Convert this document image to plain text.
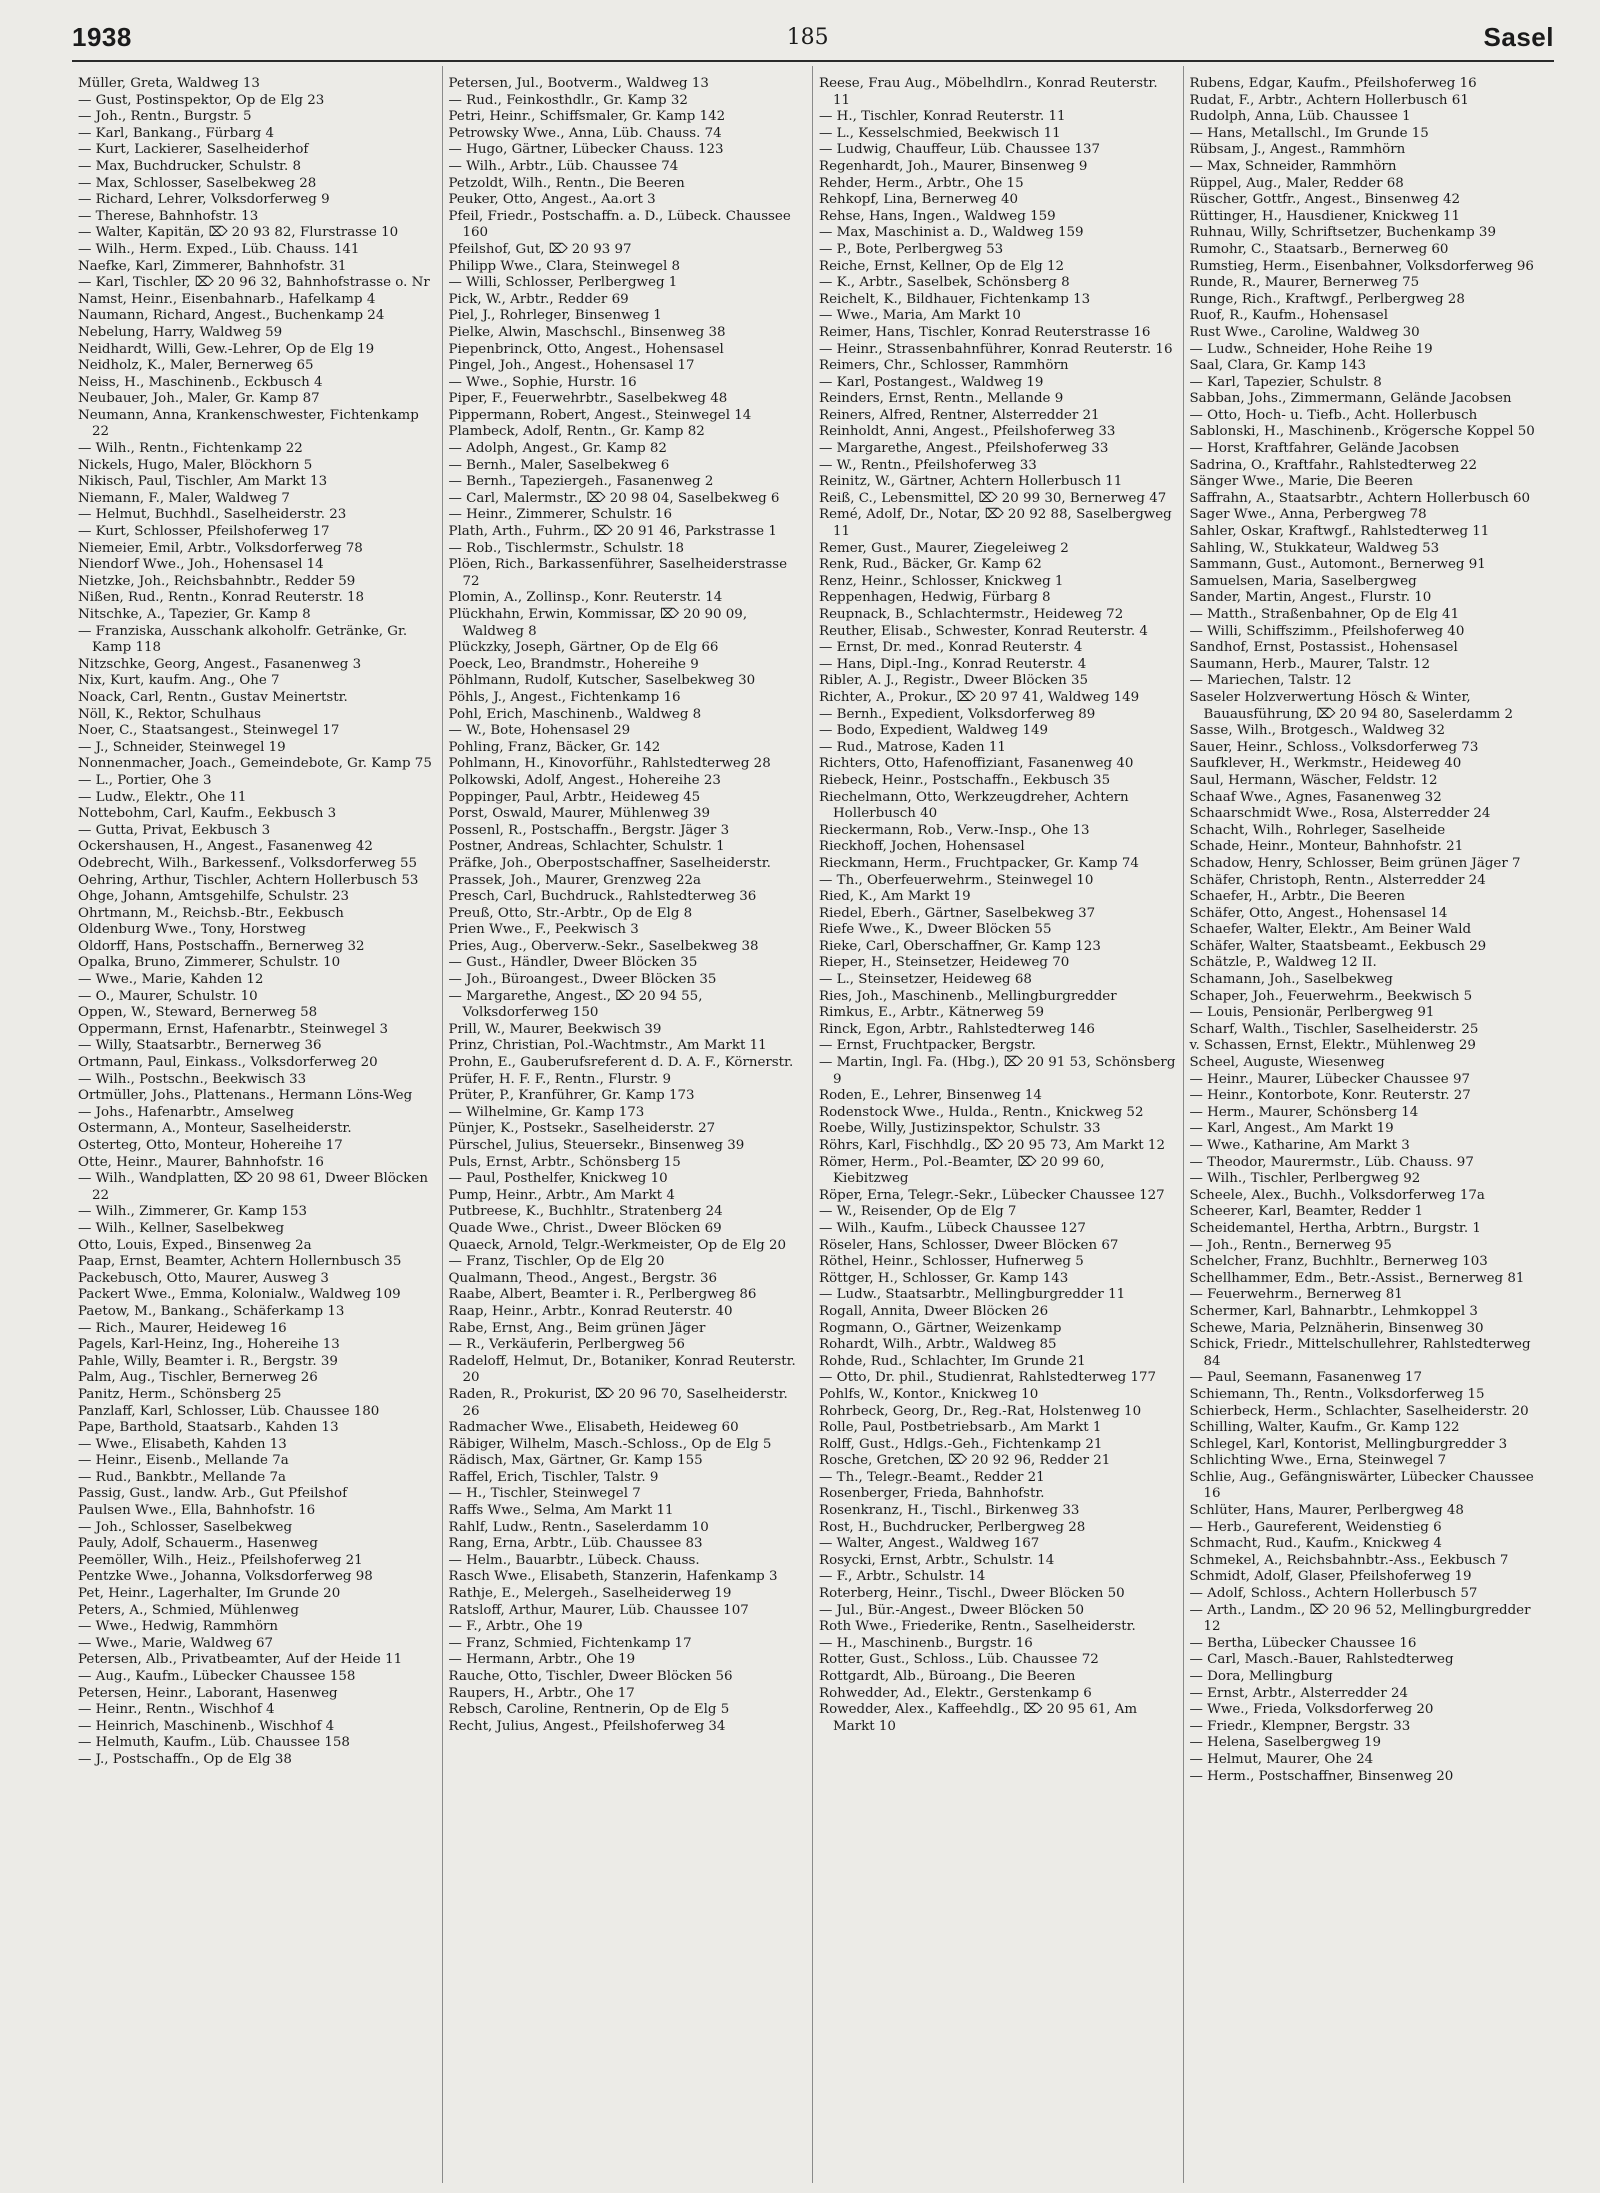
1938	185	Sasel
Müller, Greta, Waldweg 13
— Gust, Postinspektor, Op de Elg 23
— Joh., Rentn., Burgstr. 5
— Karl, Bankang., Fürbarg 4
— Kurt, Lackierer, Saselheiderhof
— Max, Buchdrucker, Schulstr. 8
— Max, Schlosser, Saselbekweg 28
— Richard, Lehrer, Volksdorferweg 9
— Therese, Bahnhofstr. 13
— Walter, Kapitän, ⌦ 20 93 82, Flurstrasse 10
— Wilh., Herm. Exped., Lüb. Chauss. 141
Naefke, Karl, Zimmerer, Bahnhofstr. 31
— Karl, Tischler, ⌦ 20 96 32, Bahnhofstrasse o. Nr
Namst, Heinr., Eisenbahnarb., Hafelkamp 4
Naumann, Richard, Angest., Buchenkamp 24
Nebelung, Harry, Waldweg 59
Neidhardt, Willi, Gew.-Lehrer, Op de Elg 19
Neidholz, K., Maler, Bernerweg 65
Neiss, H., Maschinenb., Eckbusch 4
Neubauer, Joh., Maler, Gr. Kamp 87
Neumann, Anna, Krankenschwester, Fichtenkamp 22
— Wilh., Rentn., Fichtenkamp 22
Nickels, Hugo, Maler, Blöckhorn 5
Nikisch, Paul, Tischler, Am Markt 13
Niemann, F., Maler, Waldweg 7
— Helmut, Buchhdl., Saselheiderstr. 23
— Kurt, Schlosser, Pfeilshoferweg 17
Niemeier, Emil, Arbtr., Volksdorferweg 78
Niendorf Wwe., Joh., Hohensasel 14
Nietzke, Joh., Reichsbahnbtr., Redder 59
Nißen, Rud., Rentn., Konrad Reuterstr. 18
Nitschke, A., Tapezier, Gr. Kamp 8
— Franziska, Ausschank alkoholfr. Getränke, Gr. Kamp 118
Nitzschke, Georg, Angest., Fasanenweg 3
Nix, Kurt, kaufm. Ang., Ohe 7
Noack, Carl, Rentn., Gustav Meinertstr.
Nöll, K., Rektor, Schulhaus
Noer, C., Staatsangest., Steinwegel 17
— J., Schneider, Steinwegel 19
Nonnenmacher, Joach., Gemeindebote, Gr. Kamp 75
— L., Portier, Ohe 3
— Ludw., Elektr., Ohe 11
Nottebohm, Carl, Kaufm., Eekbusch 3
— Gutta, Privat, Eekbusch 3
Ockershausen, H., Angest., Fasanenweg 42
Odebrecht, Wilh., Barkessenf., Volksdorferweg 55
Oehring, Arthur, Tischler, Achtern Hollerbusch 53
Ohge, Johann, Amtsgehilfe, Schulstr. 23
Ohrtmann, M., Reichsb.-Btr., Eekbusch
Oldenburg Wwe., Tony, Horstweg
Oldorff, Hans, Postschaffn., Bernerweg 32
Opalka, Bruno, Zimmerer, Schulstr. 10
— Wwe., Marie, Kahden 12
— O., Maurer, Schulstr. 10
Oppen, W., Steward, Bernerweg 58
Oppermann, Ernst, Hafenarbtr., Steinwegel 3
— Willy, Staatsarbtr., Bernerweg 36
Ortmann, Paul, Einkass., Volksdorferweg 20
— Wilh., Postschn., Beekwisch 33
Ortmüller, Johs., Plattenans., Hermann Löns-Weg
— Johs., Hafenarbtr., Amselweg
Ostermann, A., Monteur, Saselheiderstr.
Osterteg, Otto, Monteur, Hohereihe 17
Otte, Heinr., Maurer, Bahnhofstr. 16
— Wilh., Wandplatten, ⌦ 20 98 61, Dweer Blöcken 22
— Wilh., Zimmerer, Gr. Kamp 153
— Wilh., Kellner, Saselbekweg
Otto, Louis, Exped., Binsenweg 2a
Paap, Ernst, Beamter, Achtern Hollernbusch 35
Packebusch, Otto, Maurer, Ausweg 3
Packert Wwe., Emma, Kolonialw., Waldweg 109
Paetow, M., Bankang., Schäferkamp 13
— Rich., Maurer, Heideweg 16
Pagels, Karl-Heinz, Ing., Hohereihe 13
Pahle, Willy, Beamter i. R., Bergstr. 39
Palm, Aug., Tischler, Bernerweg 26
Panitz, Herm., Schönsberg 25
Panzlaff, Karl, Schlosser, Lüb. Chaussee 180
Pape, Barthold, Staatsarb., Kahden 13
— Wwe., Elisabeth, Kahden 13
— Heinr., Eisenb., Mellande 7a
— Rud., Bankbtr., Mellande 7a
Passig, Gust., landw. Arb., Gut Pfeilshof
Paulsen Wwe., Ella, Bahnhofstr. 16
— Joh., Schlosser, Saselbekweg
Pauly, Adolf, Schauerm., Hasenweg
Peemöller, Wilh., Heiz., Pfeilshoferweg 21
Pentzke Wwe., Johanna, Volksdorferweg 98
Pet, Heinr., Lagerhalter, Im Grunde 20
Peters, A., Schmied, Mühlenweg
— Wwe., Hedwig, Rammhörn
— Wwe., Marie, Waldweg 67
Petersen, Alb., Privatbeamter, Auf der Heide 11
— Aug., Kaufm., Lübecker Chaussee 158
Petersen, Heinr., Laborant, Hasenweg
— Heinr., Rentn., Wischhof 4
— Heinrich, Maschinenb., Wischhof 4
— Helmuth, Kaufm., Lüb. Chaussee 158
— J., Postschaffn., Op de Elg 38
Petersen, Jul., Bootverm., Waldweg 13
— Rud., Feinkosthdlr., Gr. Kamp 32
Petri, Heinr., Schiffsmaler, Gr. Kamp 142
Petrowsky Wwe., Anna, Lüb. Chauss. 74
— Hugo, Gärtner, Lübecker Chauss. 123
— Wilh., Arbtr., Lüb. Chaussee 74
Petzoldt, Wilh., Rentn., Die Beeren
Peuker, Otto, Angest., Aa.ort 3
Pfeil, Friedr., Postschaffn. a. D., Lübeck. Chaussee 160
Pfeilshof, Gut, ⌦ 20 93 97
Philipp Wwe., Clara, Steinwegel 8
— Willi, Schlosser, Perlbergweg 1
Pick, W., Arbtr., Redder 69
Piel, J., Rohrleger, Binsenweg 1
Pielke, Alwin, Maschschl., Binsenweg 38
Piepenbrinck, Otto, Angest., Hohensasel
Pingel, Joh., Angest., Hohensasel 17
— Wwe., Sophie, Hurstr. 16
Piper, F., Feuerwehrbtr., Saselbekweg 48
Pippermann, Robert, Angest., Steinwegel 14
Plambeck, Adolf, Rentn., Gr. Kamp 82
— Adolph, Angest., Gr. Kamp 82
— Bernh., Maler, Saselbekweg 6
— Bernh., Tapeziergeh., Fasanenweg 2
— Carl, Malermstr., ⌦ 20 98 04, Saselbekweg 6
— Heinr., Zimmerer, Schulstr. 16
Plath, Arth., Fuhrm., ⌦ 20 91 46, Parkstrasse 1
— Rob., Tischlermstr., Schulstr. 18
Plöen, Rich., Barkassenführer, Saselheiderstrasse 72
Plomin, A., Zollinsp., Konr. Reuterstr. 14
Plückhahn, Erwin, Kommissar, ⌦ 20 90 09, Waldweg 8
Plückzky, Joseph, Gärtner, Op de Elg 66
Poeck, Leo, Brandmstr., Hohereihe 9
Pöhlmann, Rudolf, Kutscher, Saselbekweg 30
Pöhls, J., Angest., Fichtenkamp 16
Pohl, Erich, Maschinenb., Waldweg 8
— W., Bote, Hohensasel 29
Pohling, Franz, Bäcker, Gr. 142
Pohlmann, H., Kinovorführ., Rahlstedterweg 28
Polkowski, Adolf, Angest., Hohereihe 23
Poppinger, Paul, Arbtr., Heideweg 45
Porst, Oswald, Maurer, Mühlenweg 39
Possenl, R., Postschaffn., Bergstr. Jäger 3
Postner, Andreas, Schlachter, Schulstr. 1
Präfke, Joh., Oberpostschaffner, Saselheiderstr.
Prassek, Joh., Maurer, Grenzweg 22a
Presch, Carl, Buchdruck., Rahlstedterweg 36
Preuß, Otto, Str.-Arbtr., Op de Elg 8
Prien Wwe., F., Peekwisch 3
Pries, Aug., Oberverw.-Sekr., Saselbekweg 38
— Gust., Händler, Dweer Blöcken 35
— Joh., Büroangest., Dweer Blöcken 35
— Margarethe, Angest., ⌦ 20 94 55, Volksdorferweg 150
Prill, W., Maurer, Beekwisch 39
Prinz, Christian, Pol.-Wachtmstr., Am Markt 11
Prohn, E., Gauberufsreferent d. D. A. F., Körnerstr.
Prüfer, H. F. F., Rentn., Flurstr. 9
Prüter, P., Kranführer, Gr. Kamp 173
— Wilhelmine, Gr. Kamp 173
Pünjer, K., Postsekr., Saselheiderstr. 27
Pürschel, Julius, Steuersekr., Binsenweg 39
Puls, Ernst, Arbtr., Schönsberg 15
— Paul, Posthelfer, Knickweg 10
Pump, Heinr., Arbtr., Am Markt 4
Putbreese, K., Buchhltr., Stratenberg 24
Quade Wwe., Christ., Dweer Blöcken 69
Quaeck, Arnold, Telgr.-Werkmeister, Op de Elg 20
— Franz, Tischler, Op de Elg 20
Qualmann, Theod., Angest., Bergstr. 36
Raabe, Albert, Beamter i. R., Perlbergweg 86
Raap, Heinr., Arbtr., Konrad Reuterstr. 40
Rabe, Ernst, Ang., Beim grünen Jäger
— R., Verkäuferin, Perlbergweg 56
Radeloff, Helmut, Dr., Botaniker, Konrad Reuterstr. 20
Raden, R., Prokurist, ⌦ 20 96 70, Saselheiderstr. 26
Radmacher Wwe., Elisabeth, Heideweg 60
Räbiger, Wilhelm, Masch.-Schloss., Op de Elg 5
Rädisch, Max, Gärtner, Gr. Kamp 155
Raffel, Erich, Tischler, Talstr. 9
— H., Tischler, Steinwegel 7
Raffs Wwe., Selma, Am Markt 11
Rahlf, Ludw., Rentn., Saselerdamm 10
Rang, Erna, Arbtr., Lüb. Chaussee 83
— Helm., Bauarbtr., Lübeck. Chauss.
Rasch Wwe., Elisabeth, Stanzerin, Hafenkamp 3
Rathje, E., Melergeh., Saselheiderweg 19
Ratsloff, Arthur, Maurer, Lüb. Chaussee 107
— F., Arbtr., Ohe 19
— Franz, Schmied, Fichtenkamp 17
— Hermann, Arbtr., Ohe 19
Rauche, Otto, Tischler, Dweer Blöcken 56
Raupers, H., Arbtr., Ohe 17
Rebsch, Caroline, Rentnerin, Op de Elg 5
Recht, Julius, Angest., Pfeilshoferweg 34
Reese, Frau Aug., Möbelhdlrn., Konrad Reuterstr. 11
— H., Tischler, Konrad Reuterstr. 11
— L., Kesselschmied, Beekwisch 11
— Ludwig, Chauffeur, Lüb. Chaussee 137
Regenhardt, Joh., Maurer, Binsenweg 9
Rehder, Herm., Arbtr., Ohe 15
Rehkopf, Lina, Bernerweg 40
Rehse, Hans, Ingen., Waldweg 159
— Max, Maschinist a. D., Waldweg 159
— P., Bote, Perlbergweg 53
Reiche, Ernst, Kellner, Op de Elg 12
— K., Arbtr., Saselbek, Schönsberg 8
Reichelt, K., Bildhauer, Fichtenkamp 13
— Wwe., Maria, Am Markt 10
Reimer, Hans, Tischler, Konrad Reuterstrasse 16
— Heinr., Strassenbahnführer, Konrad Reuterstr. 16
Reimers, Chr., Schlosser, Rammhörn
— Karl, Postangest., Waldweg 19
Reinders, Ernst, Rentn., Mellande 9
Reiners, Alfred, Rentner, Alsterredder 21
Reinholdt, Anni, Angest., Pfeilshoferweg 33
— Margarethe, Angest., Pfeilshoferweg 33
— W., Rentn., Pfeilshoferweg 33
Reinitz, W., Gärtner, Achtern Hollerbusch 11
Reiß, C., Lebensmittel, ⌦ 20 99 30, Bernerweg 47
Remé, Adolf, Dr., Notar, ⌦ 20 92 88, Saselbergweg 11
Remer, Gust., Maurer, Ziegeleiweg 2
Renk, Rud., Bäcker, Gr. Kamp 62
Renz, Heinr., Schlosser, Knickweg 1
Reppenhagen, Hedwig, Fürbarg 8
Reupnack, B., Schlachtermstr., Heideweg 72
Reuther, Elisab., Schwester, Konrad Reuterstr. 4
— Ernst, Dr. med., Konrad Reuterstr. 4
— Hans, Dipl.-Ing., Konrad Reuterstr. 4
Ribler, A. J., Registr., Dweer Blöcken 35
Richter, A., Prokur., ⌦ 20 97 41, Waldweg 149
— Bernh., Expedient, Volksdorferweg 89
— Bodo, Expedient, Waldweg 149
— Rud., Matrose, Kaden 11
Richters, Otto, Hafenoffiziant, Fasanenweg 40
Riebeck, Heinr., Postschaffn., Eekbusch 35
Riechelmann, Otto, Werkzeugdreher, Achtern Hollerbusch 40
Rieckermann, Rob., Verw.-Insp., Ohe 13
Rieckhoff, Jochen, Hohensasel
Rieckmann, Herm., Fruchtpacker, Gr. Kamp 74
— Th., Oberfeuerwehrm., Steinwegel 10
Ried, K., Am Markt 19
Riedel, Eberh., Gärtner, Saselbekweg 37
Riefe Wwe., K., Dweer Blöcken 55
Rieke, Carl, Oberschaffner, Gr. Kamp 123
Rieper, H., Steinsetzer, Heideweg 70
— L., Steinsetzer, Heideweg 68
Ries, Joh., Maschinenb., Mellingburgredder
Rimkus, E., Arbtr., Kätnerweg 59
Rinck, Egon, Arbtr., Rahlstedterweg 146
— Ernst, Fruchtpacker, Bergstr.
— Martin, Ingl. Fa. (Hbg.), ⌦ 20 91 53, Schönsberg 9
Roden, E., Lehrer, Binsenweg 14
Rodenstock Wwe., Hulda., Rentn., Knickweg 52
Roebe, Willy, Justizinspektor, Schulstr. 33
Röhrs, Karl, Fischhdlg., ⌦ 20 95 73, Am Markt 12
Römer, Herm., Pol.-Beamter, ⌦ 20 99 60, Kiebitzweg
Röper, Erna, Telegr.-Sekr., Lübecker Chaussee 127
— W., Reisender, Op de Elg 7
— Wilh., Kaufm., Lübeck Chaussee 127
Röseler, Hans, Schlosser, Dweer Blöcken 67
Röthel, Heinr., Schlosser, Hufnerweg 5
Röttger, H., Schlosser, Gr. Kamp 143
— Ludw., Staatsarbtr., Mellingburgredder 11
Rogall, Annita, Dweer Blöcken 26
Rogmann, O., Gärtner, Weizenkamp
Rohardt, Wilh., Arbtr., Waldweg 85
Rohde, Rud., Schlachter, Im Grunde 21
— Otto, Dr. phil., Studienrat, Rahlstedterweg 177
Pohlfs, W., Kontor., Knickweg 10
Rohrbeck, Georg, Dr., Reg.-Rat, Holstenweg 10
Rolle, Paul, Postbetriebsarb., Am Markt 1
Rolff, Gust., Hdlgs.-Geh., Fichtenkamp 21
Rosche, Gretchen, ⌦ 20 92 96, Redder 21
— Th., Telegr.-Beamt., Redder 21
Rosenberger, Frieda, Bahnhofstr.
Rosenkranz, H., Tischl., Birkenweg 33
Rost, H., Buchdrucker, Perlbergweg 28
— Walter, Angest., Waldweg 167
Rosycki, Ernst, Arbtr., Schulstr. 14
— F., Arbtr., Schulstr. 14
Roterberg, Heinr., Tischl., Dweer Blöcken 50
— Jul., Bür.-Angest., Dweer Blöcken 50
Roth Wwe., Friederike, Rentn., Saselheiderstr.
— H., Maschinenb., Burgstr. 16
Rotter, Gust., Schloss., Lüb. Chaussee 72
Rottgardt, Alb., Büroang., Die Beeren
Rohwedder, Ad., Elektr., Gerstenkamp 6
Rowedder, Alex., Kaffeehdlg., ⌦ 20 95 61, Am Markt 10
Rubens, Edgar, Kaufm., Pfeilshoferweg 16
Rudat, F., Arbtr., Achtern Hollerbusch 61
Rudolph, Anna, Lüb. Chaussee 1
— Hans, Metallschl., Im Grunde 15
Rübsam, J., Angest., Rammhörn
— Max, Schneider, Rammhörn
Rüppel, Aug., Maler, Redder 68
Rüscher, Gottfr., Angest., Binsenweg 42
Rüttinger, H., Hausdiener, Knickweg 11
Ruhnau, Willy, Schriftsetzer, Buchenkamp 39
Rumohr, C., Staatsarb., Bernerweg 60
Rumstieg, Herm., Eisenbahner, Volksdorferweg 96
Runde, R., Maurer, Bernerweg 75
Runge, Rich., Kraftwgf., Perlbergweg 28
Ruof, R., Kaufm., Hohensasel
Rust Wwe., Caroline, Waldweg 30
— Ludw., Schneider, Hohe Reihe 19
Saal, Clara, Gr. Kamp 143
— Karl, Tapezier, Schulstr. 8
Sabban, Johs., Zimmermann, Gelände Jacobsen
— Otto, Hoch- u. Tiefb., Acht. Hollerbusch
Sablonski, H., Maschinenb., Krögersche Koppel 50
— Horst, Kraftfahrer, Gelände Jacobsen
Sadrina, O., Kraftfahr., Rahlstedterweg 22
Sänger Wwe., Marie, Die Beeren
Saffrahn, A., Staatsarbtr., Achtern Hollerbusch 60
Sager Wwe., Anna, Perbergweg 78
Sahler, Oskar, Kraftwgf., Rahlstedterweg 11
Sahling, W., Stukkateur, Waldweg 53
Sammann, Gust., Automont., Bernerweg 91
Samuelsen, Maria, Saselbergweg
Sander, Martin, Angest., Flurstr. 10
— Matth., Straßenbahner, Op de Elg 41
— Willi, Schiffszimm., Pfeilshoferweg 40
Sandhof, Ernst, Postassist., Hohensasel
Saumann, Herb., Maurer, Talstr. 12
— Mariechen, Talstr. 12
Saseler Holzverwertung Hösch & Winter, Bauausführung, ⌦ 20 94 80, Saselerdamm 2
Sasse, Wilh., Brotgesch., Waldweg 32
Sauer, Heinr., Schloss., Volksdorferweg 73
Saufklever, H., Werkmstr., Heideweg 40
Saul, Hermann, Wäscher, Feldstr. 12
Schaaf Wwe., Agnes, Fasanenweg 32
Schaarschmidt Wwe., Rosa, Alsterredder 24
Schacht, Wilh., Rohrleger, Saselheide
Schade, Heinr., Monteur, Bahnhofstr. 21
Schadow, Henry, Schlosser, Beim grünen Jäger 7
Schäfer, Christoph, Rentn., Alsterredder 24
Schaefer, H., Arbtr., Die Beeren
Schäfer, Otto, Angest., Hohensasel 14
Schaefer, Walter, Elektr., Am Beiner Wald
Schäfer, Walter, Staatsbeamt., Eekbusch 29
Schätzle, P., Waldweg 12 II.
Schamann, Joh., Saselbekweg
Schaper, Joh., Feuerwehrm., Beekwisch 5
— Louis, Pensionär, Perlbergweg 91
Scharf, Walth., Tischler, Saselheiderstr. 25
v. Schassen, Ernst, Elektr., Mühlenweg 29
Scheel, Auguste, Wiesenweg
— Heinr., Maurer, Lübecker Chaussee 97
— Heinr., Kontorbote, Konr. Reuterstr. 27
— Herm., Maurer, Schönsberg 14
— Karl, Angest., Am Markt 19
— Wwe., Katharine, Am Markt 3
— Theodor, Maurermstr., Lüb. Chauss. 97
— Wilh., Tischler, Perlbergweg 92
Scheele, Alex., Buchh., Volksdorferweg 17a
Scheerer, Karl, Beamter, Redder 1
Scheidemantel, Hertha, Arbtrn., Burgstr. 1
— Joh., Rentn., Bernerweg 95
Schelcher, Franz, Buchhltr., Bernerweg 103
Schellhammer, Edm., Betr.-Assist., Bernerweg 81
— Feuerwehrm., Bernerweg 81
Schermer, Karl, Bahnarbtr., Lehmkoppel 3
Schewe, Maria, Pelznäherin, Binsenweg 30
Schick, Friedr., Mittelschullehrer, Rahlstedterweg 84
— Paul, Seemann, Fasanenweg 17
Schiemann, Th., Rentn., Volksdorferweg 15
Schierbeck, Herm., Schlachter, Saselheiderstr. 20
Schilling, Walter, Kaufm., Gr. Kamp 122
Schlegel, Karl, Kontorist, Mellingburgredder 3
Schlichting Wwe., Erna, Steinwegel 7
Schlie, Aug., Gefängniswärter, Lübecker Chaussee 16
Schlüter, Hans, Maurer, Perlbergweg 48
— Herb., Gaureferent, Weidenstieg 6
Schmacht, Rud., Kaufm., Knickweg 4
Schmekel, A., Reichsbahnbtr.-Ass., Eekbusch 7
Schmidt, Adolf, Glaser, Pfeilshoferweg 19
— Adolf, Schloss., Achtern Hollerbusch 57
— Arth., Landm., ⌦ 20 96 52, Mellingburgredder 12
— Bertha, Lübecker Chaussee 16
— Carl, Masch.-Bauer, Rahlstedterweg
— Dora, Mellingburg
— Ernst, Arbtr., Alsterredder 24
— Wwe., Frieda, Volksdorferweg 20
— Friedr., Klempner, Bergstr. 33
— Helena, Saselbergweg 19
— Helmut, Maurer, Ohe 24
— Herm., Postschaffner, Binsenweg 20
